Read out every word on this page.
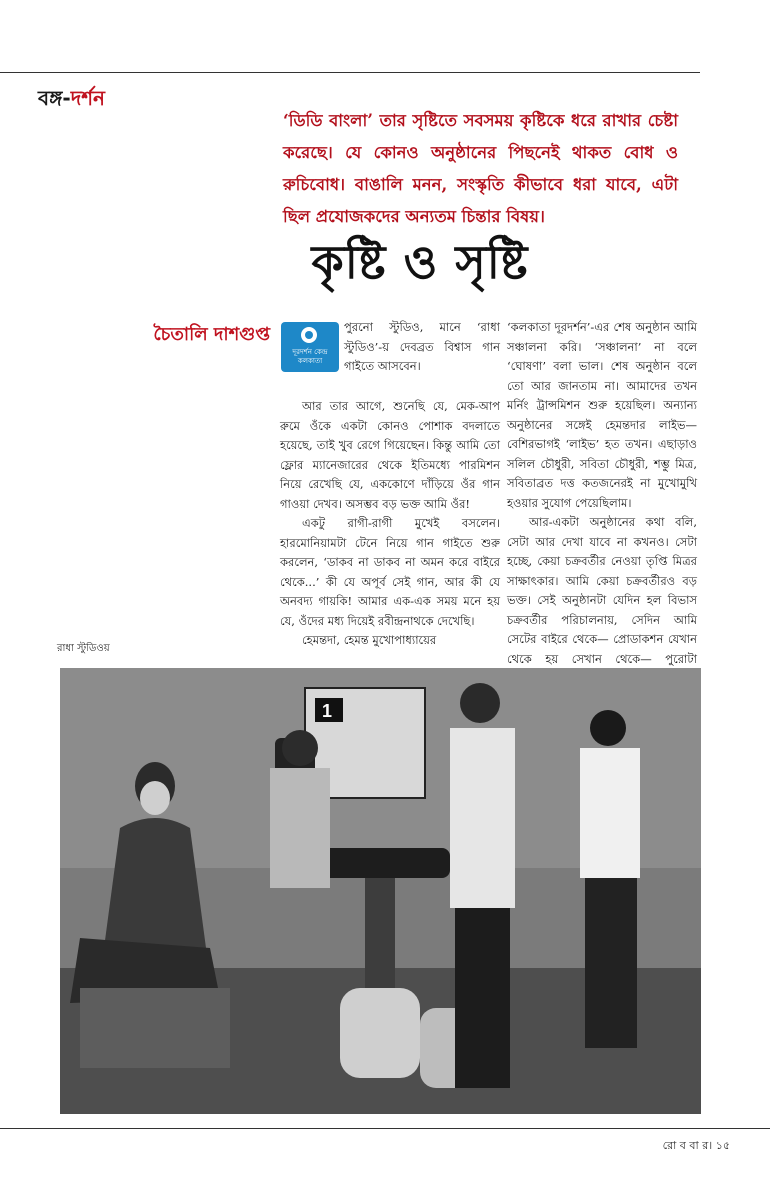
বঙ্গ-দর্শন
‘ডিডি বাংলা’ তার সৃষ্টিতে সবসময় কৃষ্টিকে ধরে রাখার চেষ্টা করেছে। যে কোনও অনুষ্ঠানের পিছনেই থাকত বোধ ও রুচিবোধ। বাঙালি মনন, সংস্কৃতি কীভাবে ধরা যাবে, এটা ছিল প্রযোজকদের অন্যতম চিন্তার বিষয়।
কৃষ্টি ও সৃষ্টি
চৈতালি দাশগুপ্ত
দূরদর্শন কেন্দ্র কলকাতা

পুরনো স্টুডিও, মানে ‘রাধা স্টুডিও’-য় দেবব্রত বিশ্বাস গান গাইতে আসবেন।

আর তার আগে, শুনেছি যে, মেক-আপ রুমে ওঁকে একটা কোনও পোশাক বদলাতে হয়েছে, তাই খুব রেগে গিয়েছেন। কিন্তু আমি তো ফ্লোর ম্যানেজারের থেকে ইতিমধ্যে পারমিশন নিয়ে রেখেছি যে, এককোণে দাঁড়িয়ে ওঁর গান গাওয়া দেখব। অসম্ভব বড় ভক্ত আমি ওঁর!

একটু রাগী-রাগী মুখেই বসলেন। হারমোনিয়ামটা টেনে নিয়ে গান গাইতে শুরু করলেন, ‘ডাকব না ডাকব না অমন করে বাইরে থেকে...’ কী যে অপূর্ব সেই গান, আর কী যে অনবদ্য গায়কি! আমার এক-এক সময় মনে হয় যে, ওঁদের মধ্য দিয়েই রবীন্দ্রনাথকে দেখেছি।

হেমন্তদা, হেমন্ত মুখোপাধ্যায়ের

‘কলকাতা দূরদর্শন’-এর শেষ অনুষ্ঠান আমি সঞ্চালনা করি। ‘সঞ্চালনা’ না বলে ‘ঘোষণা’ বলা ভাল। শেষ অনুষ্ঠান বলে তো আর জানতাম না। আমাদের তখন মর্নিং ট্রান্সমিশন শুরু হয়েছিল। অন্যান্য অনুষ্ঠানের সঙ্গেই হেমন্তদার লাইভ—বেশিরভাগই ‘লাইভ’ হত তখন। এছাড়াও সলিল চৌধুরী, সবিতা চৌধুরী, শম্ভু মিত্র, সবিতাব্রত দত্ত কতজনেরই না মুখোমুখি হওয়ার সুযোগ পেয়েছিলাম।

আর-একটা অনুষ্ঠানের কথা বলি, সেটা আর দেখা যাবে না কখনও। সেটা হচ্ছে, কেয়া চক্রবর্তীর নেওয়া তৃপ্তি মিত্রর সাক্ষাৎকার। আমি কেয়া চক্রবর্তীরও বড় ভক্ত। সেই অনুষ্ঠানটা যেদিন হল বিভাস চক্রবর্তীর পরিচালনায়, সেদিন আমি সেটের বাইরে থেকে— প্রোডাকশন যেখান থেকে হয় সেখান থেকে— পুরোটা

রাধা স্টুডিওয়
1
রো ব বা র। ১৫
